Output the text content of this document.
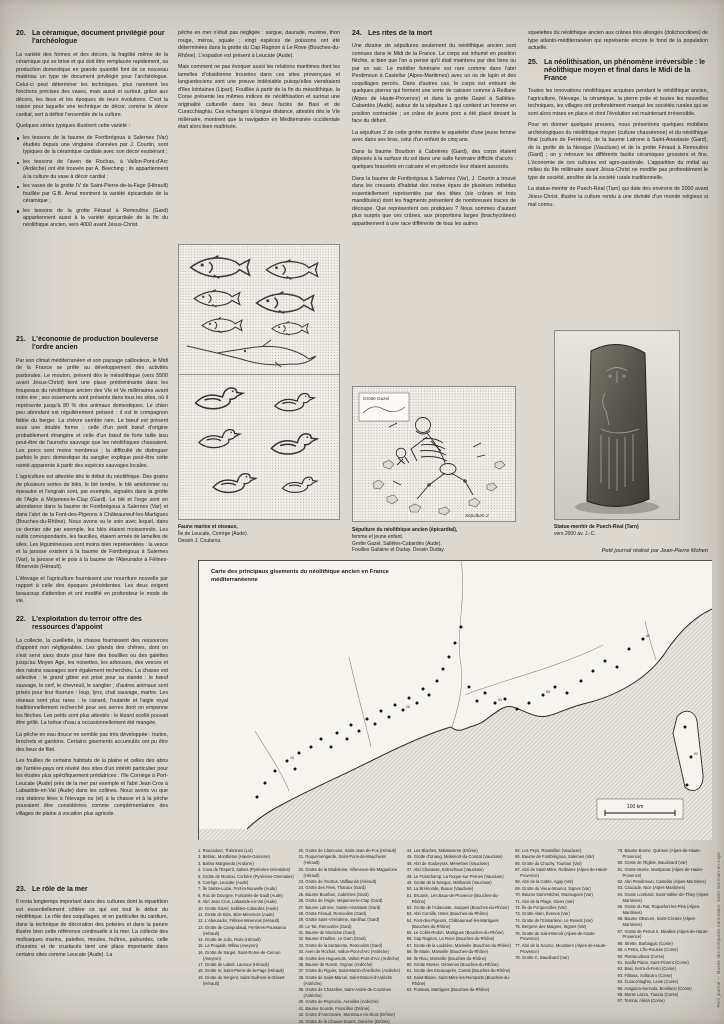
20. La céramique, document privilégié pour l'archéologue

La variété des formes et des décors, la fragilité même de la céramique qui se brise et qui doit être remplacée rapidement, sa production domestique en grande quantité font de ce nouveau matériau un type de document privilégié pour l'archéologue. Celui-ci peut déterminer les techniques, plus rarement les fonctions précises des vases, mais aussi et surtout, grâce aux décors, les lieux et les époques de leurs évolutions. C'est la raison pour laquelle une technique de décor, comme le décor cardial, sert à définir l'ensemble de la culture.

Quelques séries typiques illustrent cette variété :

les tessons de la baume de Fontbrégoua à Salernes (Var) étudiés depuis une vingtaine d'années par J. Courtin, sont typiques de la céramique cardiale avec son décor exubérant ;
les tessons de l'aven de Rochas, à Vallon-Pont-d'Arc (Ardèche) ont été trouvés par A. Beeching ; ils appartiennent à la culture du vase à décor cardial ;
les vases de la grotte IV de Saint-Pierre-de-la-Fage (Hérault) fouillée par G.B. Arnal montrent la variété épicardiale de la céramique ;
les tessons de la grotte Féraud à Remoulins (Gard) appartiennent aussi à la variété épicardiale de la fin du néolithique ancien, vers 4000 avant Jésus-Christ.
21. L'économie de production bouleverse l'ordre ancien

Par son climat méditerranéen et son paysage caillouteux, le Midi de la France se prête au développement des activités pastorales. Le mouton, présent dès le mésolithique (vers 5500 avant Jésus-Christ) tient une place prédominante dans les troupeaux du néolithique ancien des VIe et Ve millénaires avant notre ère ; ses ossements sont présents dans tous les sites, où il représente jusqu'à 80 % des animaux domestiques. Le chien peu abondant est régulièrement présent : il est le compagnon fidèle du berger. La chèvre semble rare. Le bœuf est présent sous une double forme : celle d'un petit bœuf d'origine probablement étrangère et celle d'un bœuf de forte taille issu peut-être de l'aurochs sauvage que les néolithiques chassaient. Les porcs sont moins nombreux ; la difficulté de distinguer parfois le porc domestique du sanglier explique peut-être cette rareté apparente à partir des espèces sauvages locales.

L'agriculture est attestée dès le début du néolithique. Des grains de plusieurs sortes de blés, le blé tendre, le blé amidonnier ou épeautre et l'engrain sont, par exemple, signalés dans la grotte de l'Aigle à Méjannes-le-Clap (Gard). Le blé et l'orge sont en abondance dans la baume de Fontbrégoua à Salernes (Var) et dans l'abri de la Font-des-Pigeons à Châteauneuf-les-Martigues (Bouches-du-Rhône). Nous avons vu le soin avec lequel, dans ce dernier site par exemple, les blés étaient moissonnés. Les outils correspondants, les faucilles, étaient armés de lamelles de silex. Les légumineuses sont moins bien représentées : la vesce et la jarosse existent à la baume de Fontbrégoua à Salernes (Var), la jarosse et le pois à la baume de l'Abeurador à Félines-Minervois (Hérault).

L'élevage et l'agriculture fournissent une nourriture nouvelle par rapport à celle des époques précédentes. Les deux exigent beaucoup d'attention et ont modifié en profondeur le mode de vie.

22. L'exploitation du terroir offre des ressources d'appoint

La collecte, la cueillette, la chasse fournissent des ressources d'appoint non négligeables. Les glands des chênes, dont on s'est servi sans doute pour faire des bouillies ou des galettes jusqu'au Moyen Age, les noisettes, les arbouses, des vesces et des raisins sauvages sont également recherchés. La chasse est sélective : le grand gibier est prisé pour sa viande : le bœuf sauvage, le cerf, le chevreuil, le sanglier ; d'autres animaux sont prisés pour leur fourrure : loup, lynx, chat sauvage, martre. Les oiseaux sont plus rares : le canard, l'outarde et l'aigle royal traditionnellement recherché pour ses serres dont on empenne les flèches. Les petits sont plus attestés : le lézard ocellé pouvait être grillé. La tortue d'eau a occasionnellement été mangée.

La pêche en eau douce ne semble pas très développée : truites, brochets et gardons. Certains gisements accumulés ont pu être des lieux de filet.

Les fouilles de certains habitats de la plaine et celles des abris de l'arrière-pays ont révélé des sites d'un intérêt particulier pour les études plus spécifiquement prédatrices : l'île Cornège à Port-Leucate (Aude) près de la mer par exemple et l'abri Jean Cros à Labastide-en-Val (Aude) dans les collines. Nous avons vu que ces stations liées à l'élevage ou (et) à la chasse et à la pêche pouvaient être considérées comme complémentaires des villages de plaine à vocation plus agricole.

23. Le rôle de la mer

Il resta longtemps important dans des cultures dont la répartition est essentiellement côtière ce qui est tout le début du néolithique. Le rôle des coquillages, et en particulier du cardium, dans la technique de décoration des poteries et dans la parure illustre bien cette référence continuelle à la mer. La collecte des mollusques marins, patelles, moules, huîtres, palourdes, celle d'oursins et de crustacés tient une place importante dans certains sites comme Leucate (Aude). La

pêche en mer n'était pas négligée : sargue, daurade, murène, thon rouge, mérou, squale ; vingt espèces de poissons ont été déterminées dans la grotte du Cap Ragnon à Le Rove (Bouches-du-Rhône). L'espadon est présent à Leucate (Aude).

Mais comment ne pas évoquer aussi les relations maritimes dont les lamelles d'obsidienne trouvées dans ces sites provençaux et languedociens sont une preuve indéniable puisqu'elles viendraient d'îles lointaines (Lipari). Fouillée à partir de la fin du mésolithique, la Corse présente les mêmes indices de néolithisation et surtout une originalité culturelle dans les deux faciès de Basi et de Curacchiaghiu. Ces échanges à longue distance, attestés dès le VIe millénaire, montrent que la navigation en Méditerranée occidentale était alors bien maîtrisée.

Faune marine et oiseaux,
Île de Leucate, Corrège (Aude).
Dessin J. Coularou.
24. Les rites de la mort

Une dizaine de sépultures seulement du néolithique ancien sont connues dans le Midi de la France. Le corps est inhumé en position fléchie, si bien que l'on a pensé qu'il était maintenu par des liens ou par un sac. Le mobilier funéraire est rare comme dans l'abri Perdimoun à Castellar (Alpes-Maritimes) avec un os de lapin et des coquillages percés. Dans d'autres cas, le corps est entouré de quelques pierres qui forment une sorte de caisson comme à Reillane (Alpes de Haute-Provence) et dans la grotte Gazel à Sallèles-Cabardès (Aude), autour de la sépulture 1 qui contient un homme en position contractée ; un crâne de jeune porc a été placé devant la face du défunt.

La sépulture 2 de cette grotte montre le squelette d'une jeune femme avec dans ses bras, celui d'un enfant de cinq ans.

Dans la baume Bourbon à Cabrières (Gard), des corps étaient déposés à la surface du sol dans une salle funéraire difficile d'accès : quelques bracelets en calcaire et en pétoncle leur étaient associés.

Dans la baume de Fontbrégoua à Salernes (Var), J. Courtin a trouvé dans les creusets d'habitat des restes épars de plusieurs individus essentiellement représentés par des têtes (six crânes et trois mandibules) dont les fragments présentent de nombreuses traces de découpe. Que représentent ces pratiques ? Nous sommes d'autant plus surpris que ces crânes, aux proportions larges (brachycrânes) appartiennent à une race différente de tous les autres

Grotte Gazel
Sépulture 2
Sépulture du néolithique ancien (épicardial),
femme et jeune enfant.
Grotte Gazel, Sallèles-Cabardès (Aude).
Fouilles Guilaine et Duday. Dessin Duday.

squelettes du néolithique ancien aux crânes très allongés (dolichocrânes) de type atlanto-méditerranéen qui représente encore le fond de la population actuelle.

25. La néolithisation, un phénomène irréversible : le néolithique moyen et final dans le Midi de la France

Toutes les innovations néolithiques acquises pendant le néolithique ancien, l'agriculture, l'élevage, la céramique, la pierre polie et toutes les nouvelles techniques, les villages ont profondément marqué les sociétés rurales qui se sont alors mises en place et dont l'évolution est maintenant irréversible.

Pour en donner quelques preuves, nous présentons quelques mobiliers archéologiques du néolithique moyen (culture chasséenne) et du néolithique final (culture de Ferrières), de la baume Latrone à Saint-Anastasie (Gard), de la grotte de la Nesque (Vaucluse) et de la grotte Féraud à Remoulins (Gard) ; on y retrouve les différents faciès céramiques grossiers et fins. L'économie de ces cultures est agro-pastorale. L'apparition du métal au milieu du IIIe millénaire avant Jésus-Christ ne modifie pas profondément le type de société, ancêtre de la société rurale traditionnelle.

La statue-menhir de Puech-Réal (Tarn) qui date des environs de 2000 avant Jésus-Christ, illustre la culture rendu à une divinité d'un monde religieux si mal connu.

Statue-menhir de Puech-Réal (Tarn)
vers 2000 av. J.-C.
Petit journal réalisé par Jean-Pierre Mohen
10
26
54
65
82
92
100 km
Carte des principaux gisements du néolithique ancien en France méditerranéenne
1. Roucadour, Thémines (Lot)
2. Bétirac, Montbéton (Haute-Garonne)
3. Balma Margineda (Andorre)
4. Cova de l'Esperit, Salses (Pyrénées-Orientales)
5. Grotte de Montou, Corbère (Pyrénées-Orientales)
6. Corrège, Leucate (Aude)
7. Île Sainte-Lucie, Port-la-Nouvelle (Aude)
8. Roc de Dourgne, Fontanès-de-Sault (Aude)
9. Abri Jean Cros, Labastide-en-Val (Aude)
10. Grotte Gazel, Sallèles-Cabardès (Aude)
11. Grotte de Bize, Bize-Minervois (Aude)
12. L'Abeurador, Félines-Minervois (Hérault)
13. Grotte de Camprafaud, Ferrières-Poussarou (Hérault)
14. Grotte de Julio, Riols (Hérault)
15. La Poujade, Millau (Aveyron)
16. Grotte de Sargel, Saint-Rome-de-Cernon (Aveyron)
17. Grotte de Labeil, Lauroux (Hérault)
18. Grotte IV, Saint-Pierre-de-la-Fage (Hérault)
19. Grotte du Sergent, Saint-Guilhem-le-Désert (Hérault)
20. Grotte de Clamouse, Saint-Jean-de-Fos (Hérault)
21. Roquemengarde, Saint-Pons-de-Mauchiens (Hérault)
22. Grotte de la Madeleine, Villeneuve-lès-Maguelone (Hérault)
23. Grotte de l'Hortus, Valflaunès (Hérault)
24. Grotte des Fées, Tharaux (Gard)
25. Baume Bourbon, Cabrières (Gard)
26. Grotte de l'Aigle, Méjannes-le-Clap (Gard)
27. Baume Latrone, Sainte-Anastasie (Gard)
28. Grotte Féraud, Remoulins (Gard)
29. Grotte Saint-Vérédème, Sanilhac (Gard)
30. Le Taï, Remoulins (Gard)
31. Baume de Montclus (Gard)
32. Baume d'Oullins, Le Garn (Gard)
33. Grotte de la Sartanette, Remoulins (Gard)
34. Aven de Rochas, Vallon-Pont-d'Arc (Ardèche)
35. Grotte des Huguenots, Vallon-Pont-d'Arc (Ardèche)
36. Baume de Ronze, Orgnac (Ardèche)
37. Grotte du Figuier, Saint-Martin-d'Ardèche (Ardèche)
38. Grotte de Saint-Marcel, Saint-Marcel-d'Ardèche (Ardèche)
39. Grotte de Chazelles, Saint-André-de-Cruzières (Ardèche)
40. Grotte de Peyroche, Auriolles (Ardèche)
41. Baume Sourde, Francillon (Drôme)
42. Grotte d'Antonnaire, Montmaur-en-Diois (Drôme)
43. Grotte de la Chauve-Souris, Donzère (Drôme)
44. Les Blaches, Malataverne (Drôme)
45. Grotte d'Unang, Malemort-du-Comtat (Vaucluse)
46. Abri de Soubeyras, Ménerbes (Vaucluse)
47. Abri Charasse, Entrechaux (Vaucluse)
48. Le Fraischamp, La Roque-sur-Pernes (Vaucluse)
49. Grotte de la Nesque, Méthamis (Vaucluse)
50. La Brémonde, Buoux (Vaucluse)
51. Escanin, Les Baux-de-Provence (Bouches-du-Rhône)
52. Grotte de l'Adaouste, Jouques (Bouches-du-Rhône)
53. Abri Cornille, Istres (Bouches-du-Rhône)
54. Font-des-Pigeons, Châteauneuf-les-Martigues (Bouches-du-Rhône)
55. Le Collet-Redon, Martigues (Bouches-du-Rhône)
56. Cap Ragnon, Le Rove (Bouches-du-Rhône)
57. Grotte de la Loubière, Marseille (Bouches-du-Rhône)
58. Île Maire, Marseille (Bouches-du-Rhône)
59. Île Riou, Marseille (Bouches-du-Rhône)
60. Grotte Monier, Gémenos (Bouches-du-Rhône)
61. Grotte des Escaouprés, Cassis (Bouches-du-Rhône)
62. Saint-Blaise, Saint-Mitre-les-Remparts (Bouches-du-Rhône)
63. Ponteau, Martigues (Bouches-du-Rhône)
64. Les Peys, Roussillon (Vaucluse)
65. Baume de Fontbrégoua, Salernes (Var)
66. Grotte du Chuchy, Tourtour (Var)
67. Abri de Saint-Mitre, Reillanne (Alpes-de-Haute-Provence)
68. Abri de la Cabre, Agay (Var)
69. Grotte du Vieux-Mounoï, Signes (Var)
70. Baume Saint-Michel, Mazaugues (Var)
71. Abri de la Plage, Giens (Var)
72. Île de Porquerolles (Var)
73. Grotte Alain, Évenos (Var)
74. Grotte de l'Eissartène, Le Revest (Var)
75. Bergerie des Maigres, Signes (Var)
76. Grotte de Saint-Benoît (Alpes-de-Haute-Provence)
77. Abri de la Source, Moustiers (Alpes-de-Haute-Provence)
78. Grotte C, Baudinard (Var)
79. Baume Bonne, Quinson (Alpes-de-Haute-Provence)
80. Grotte de l'Église, Baudinard (Var)
81. Grotte Murée, Montpezat (Alpes-de-Haute-Provence)
82. Abri Pendimoun, Castellar (Alpes-Maritimes)
83. Caucade, Nice (Alpes-Maritimes)
84. Grotte Lombard, Saint-Vallier-de-Thiey (Alpes-Maritimes)
85. Grotte du Rat, Roquefort-les-Pins (Alpes-Maritimes)
86. Baume Obscure, Saint-Cézaire (Alpes-Maritimes)
87. Grotte de Pertus II, Méailles (Alpes-de-Haute-Provence)
88. Strette, Barbaggio (Corse)
89. A Petra, L'Île-Rousse (Corse)
90. Pietracorbara (Corse)
91. Scaffa Piana, Saint-Florent (Corse)
92. Basi, Serra-di-Ferro (Corse)
93. Filitosa, Sollacaro (Corse)
94. Curacchiaghiu, Levie (Corse)
95. Araguina-Sennola, Bonifacio (Corse)
96. Monte Lazzu, Tiuccia (Corse)
97. Terrina, Aléria (Corse)	Petit journal — Musée des Antiquités nationales, Saint-Germain-en-Laye
